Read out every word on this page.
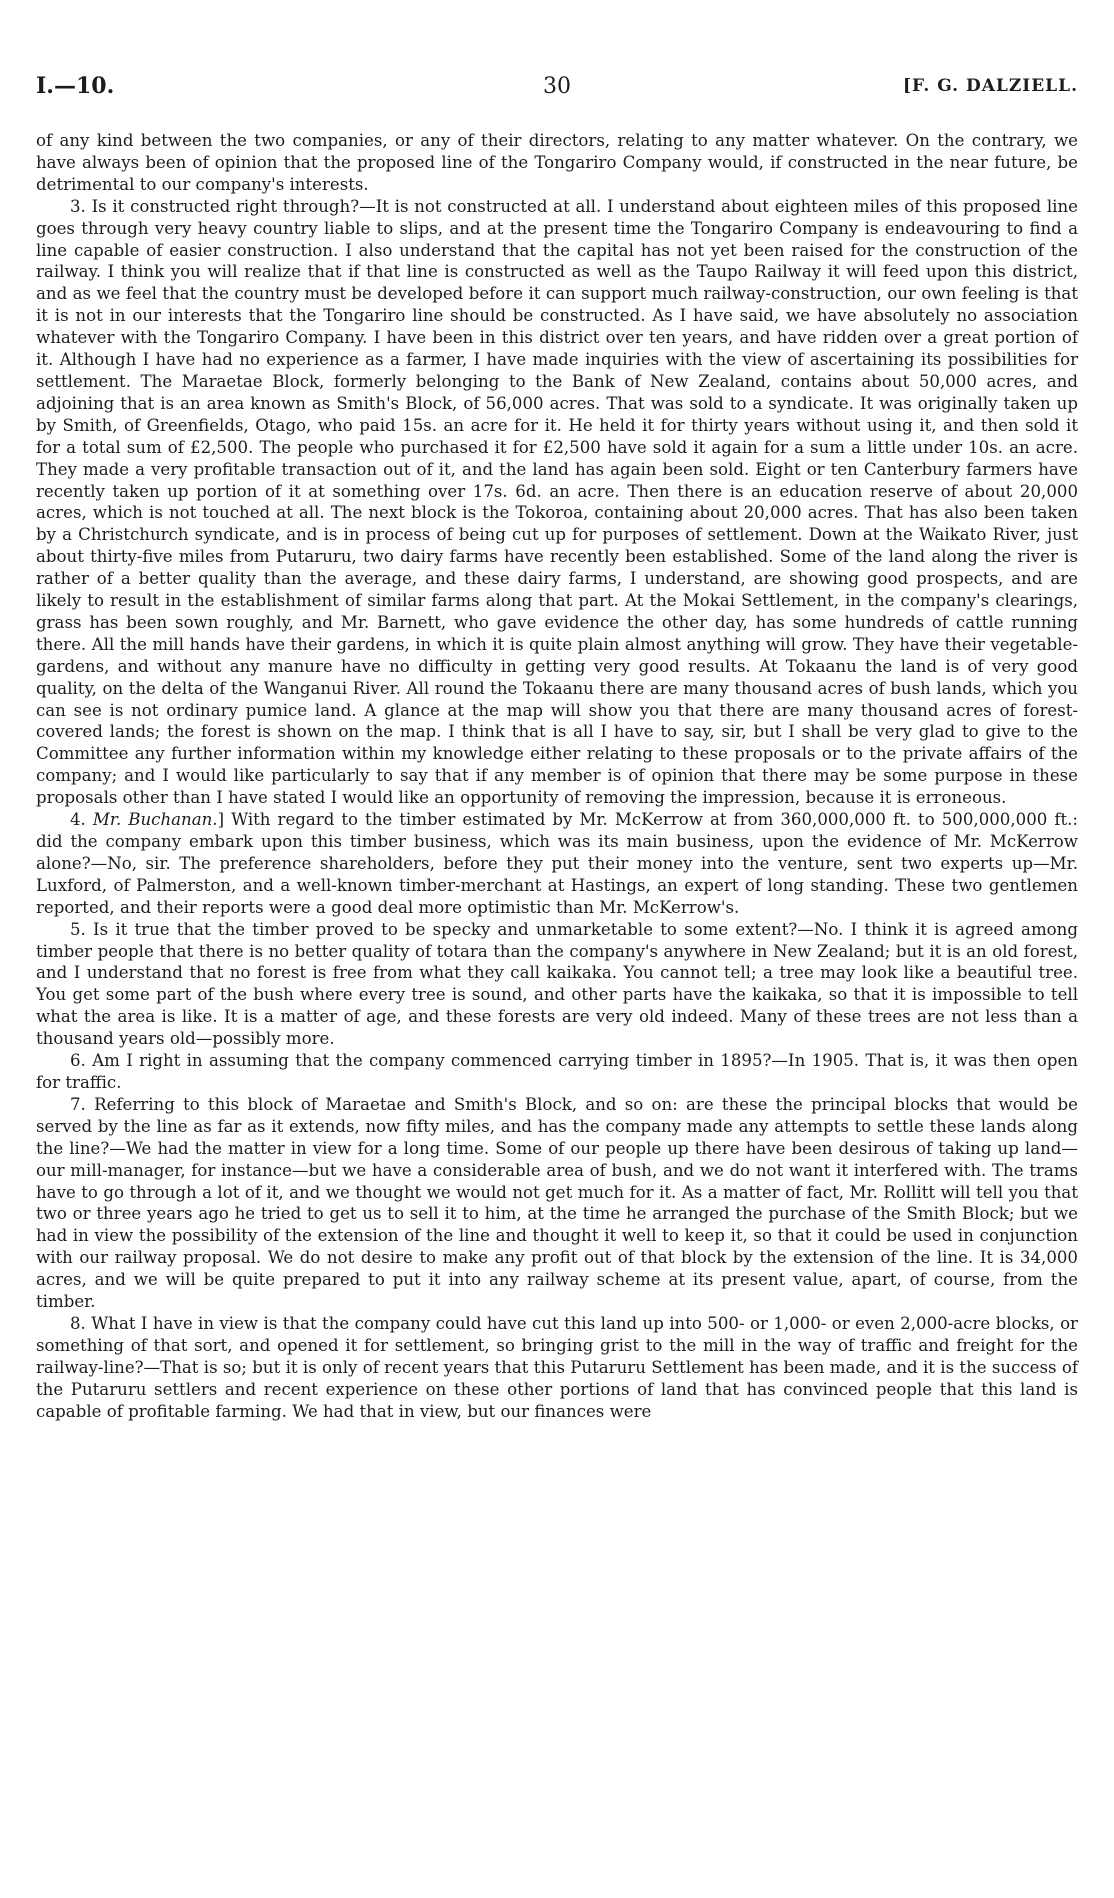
I.—10.	30	[F. G. DALZIELL.

of any kind between the two companies, or any of their directors, relating to any matter whatever. On the contrary, we have always been of opinion that the proposed line of the Tongariro Company would, if constructed in the near future, be detrimental to our company's interests.

3. Is it constructed right through?—It is not constructed at all. I understand about eighteen miles of this proposed line goes through very heavy country liable to slips, and at the present time the Tongariro Company is endeavouring to find a line capable of easier construction. I also understand that the capital has not yet been raised for the construction of the railway. I think you will realize that if that line is constructed as well as the Taupo Railway it will feed upon this district, and as we feel that the country must be developed before it can support much railway-construction, our own feeling is that it is not in our interests that the Tongariro line should be constructed. As I have said, we have absolutely no association whatever with the Tongariro Company. I have been in this district over ten years, and have ridden over a great portion of it. Although I have had no experience as a farmer, I have made inquiries with the view of ascertaining its possibilities for settlement. The Maraetae Block, formerly belonging to the Bank of New Zealand, contains about 50,000 acres, and adjoining that is an area known as Smith's Block, of 56,000 acres. That was sold to a syndicate. It was originally taken up by Smith, of Greenfields, Otago, who paid 15s. an acre for it. He held it for thirty years without using it, and then sold it for a total sum of £2,500. The people who purchased it for £2,500 have sold it again for a sum a little under 10s. an acre. They made a very profitable transaction out of it, and the land has again been sold. Eight or ten Canterbury farmers have recently taken up portion of it at something over 17s. 6d. an acre. Then there is an education reserve of about 20,000 acres, which is not touched at all. The next block is the Tokoroa, containing about 20,000 acres. That has also been taken by a Christchurch syndicate, and is in process of being cut up for purposes of settlement. Down at the Waikato River, just about thirty-five miles from Putaruru, two dairy farms have recently been established. Some of the land along the river is rather of a better quality than the average, and these dairy farms, I understand, are showing good prospects, and are likely to result in the establishment of similar farms along that part. At the Mokai Settlement, in the company's clearings, grass has been sown roughly, and Mr. Barnett, who gave evidence the other day, has some hundreds of cattle running there. All the mill hands have their gardens, in which it is quite plain almost anything will grow. They have their vegetable-gardens, and without any manure have no difficulty in getting very good results. At Tokaanu the land is of very good quality, on the delta of the Wanganui River. All round the Tokaanu there are many thousand acres of bush lands, which you can see is not ordinary pumice land. A glance at the map will show you that there are many thousand acres of forest-covered lands; the forest is shown on the map. I think that is all I have to say, sir, but I shall be very glad to give to the Committee any further information within my knowledge either relating to these proposals or to the private affairs of the company; and I would like particularly to say that if any member is of opinion that there may be some purpose in these proposals other than I have stated I would like an opportunity of removing the impression, because it is erroneous.

4. Mr. Buchanan.] With regard to the timber estimated by Mr. McKerrow at from 360,000,000 ft. to 500,000,000 ft.: did the company embark upon this timber business, which was its main business, upon the evidence of Mr. McKerrow alone?—No, sir. The preference shareholders, before they put their money into the venture, sent two experts up—Mr. Luxford, of Palmerston, and a well-known timber-merchant at Hastings, an expert of long standing. These two gentlemen reported, and their reports were a good deal more optimistic than Mr. McKerrow's.

5. Is it true that the timber proved to be specky and unmarketable to some extent?—No. I think it is agreed among timber people that there is no better quality of totara than the company's anywhere in New Zealand; but it is an old forest, and I understand that no forest is free from what they call kaikaka. You cannot tell; a tree may look like a beautiful tree. You get some part of the bush where every tree is sound, and other parts have the kaikaka, so that it is impossible to tell what the area is like. It is a matter of age, and these forests are very old indeed. Many of these trees are not less than a thousand years old—possibly more.

6. Am I right in assuming that the company commenced carrying timber in 1895?—In 1905. That is, it was then open for traffic.

7. Referring to this block of Maraetae and Smith's Block, and so on: are these the principal blocks that would be served by the line as far as it extends, now fifty miles, and has the company made any attempts to settle these lands along the line?—We had the matter in view for a long time. Some of our people up there have been desirous of taking up land—our mill-manager, for instance—but we have a considerable area of bush, and we do not want it interfered with. The trams have to go through a lot of it, and we thought we would not get much for it. As a matter of fact, Mr. Rollitt will tell you that two or three years ago he tried to get us to sell it to him, at the time he arranged the purchase of the Smith Block; but we had in view the possibility of the extension of the line and thought it well to keep it, so that it could be used in conjunction with our railway proposal. We do not desire to make any profit out of that block by the extension of the line. It is 34,000 acres, and we will be quite prepared to put it into any railway scheme at its present value, apart, of course, from the timber.

8. What I have in view is that the company could have cut this land up into 500- or 1,000- or even 2,000-acre blocks, or something of that sort, and opened it for settlement, so bringing grist to the mill in the way of traffic and freight for the railway-line?—That is so; but it is only of recent years that this Putaruru Settlement has been made, and it is the success of the Putaruru settlers and recent experience on these other portions of land that has convinced people that this land is capable of profitable farming. We had that in view, but our finances were
